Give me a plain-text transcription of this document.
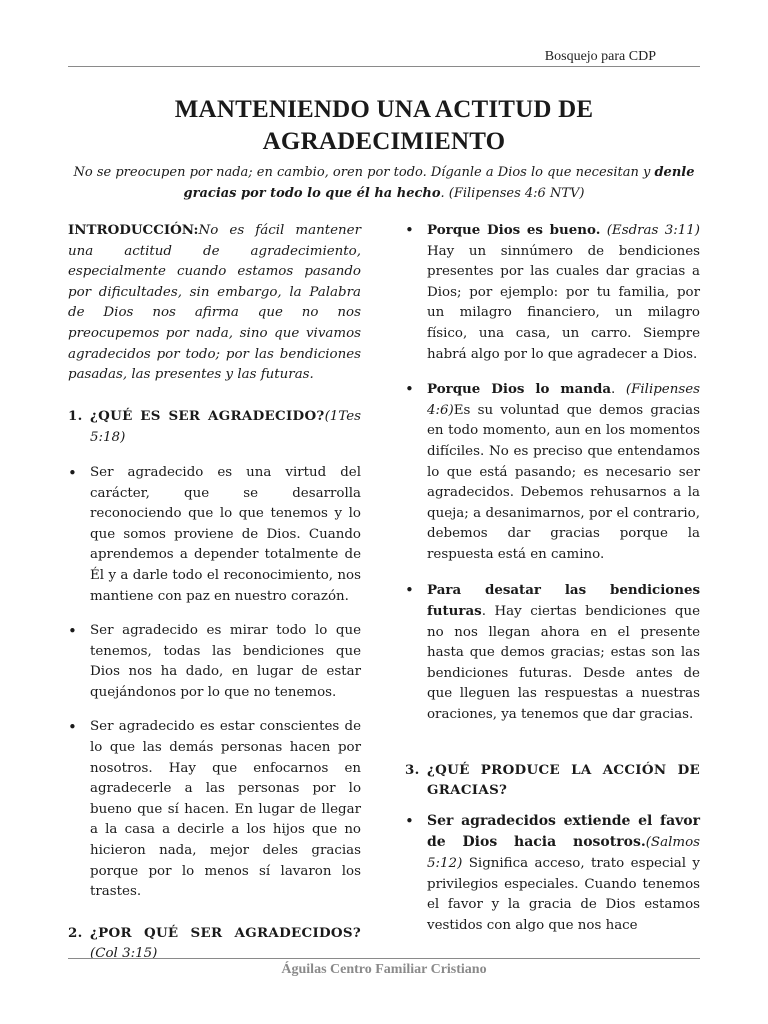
Bosquejo para CDP
MANTENIENDO UNA ACTITUD DE AGRADECIMIENTO

No se preocupen por nada; en cambio, oren por todo. Díganle a Dios lo que necesitan y denle gracias por todo lo que él ha hecho. (Filipenses 4:6 NTV)

INTRODUCCIÓN:No es fácil mantener una actitud de agradecimiento, especialmente cuando estamos pasando por dificultades, sin embargo, la Palabra de Dios nos afirma que no nos preocupemos por nada, sino que vivamos agradecidos por todo; por las bendiciones pasadas, las presentes y las futuras.

1. ¿QUÉ ES SER AGRADECIDO?(1Tes 5:18)
• Ser agradecido es una virtud del carácter, que se desarrolla reconociendo que lo que tenemos y lo que somos proviene de Dios. Cuando aprendemos a depender totalmente de Él y a darle todo el reconocimiento, nos mantiene con paz en nuestro corazón.
• Ser agradecido es mirar todo lo que tenemos, todas las bendiciones que Dios nos ha dado, en lugar de estar quejándonos por lo que no tenemos.
• Ser agradecido es estar conscientes de lo que las demás personas hacen por nosotros. Hay que enfocarnos en agradecerle a las personas por lo bueno que sí hacen. En lugar de llegar a la casa a decirle a los hijos que no hicieron nada, mejor deles gracias porque por lo menos sí lavaron los trastes.
2. ¿POR QUÉ SER AGRADECIDOS?(Col 3:15)
• Porque Dios es bueno. (Esdras 3:11) Hay un sinnúmero de bendiciones presentes por las cuales dar gracias a Dios; por ejemplo: por tu familia, por un milagro financiero, un milagro físico, una casa, un carro. Siempre habrá algo por lo que agradecer a Dios.
• Porque Dios lo manda. (Filipenses 4:6)Es su voluntad que demos gracias en todo momento, aun en los momentos difíciles. No es preciso que entendamos lo que está pasando; es necesario ser agradecidos. Debemos rehusarnos a la queja; a desanimarnos, por el contrario, debemos dar gracias porque la respuesta está en camino.
• Para desatar las bendiciones futuras. Hay ciertas bendiciones que no nos llegan ahora en el presente hasta que demos gracias; estas son las bendiciones futuras. Desde antes de que lleguen las respuestas a nuestras oraciones, ya tenemos que dar gracias.
3. ¿QUÉ PRODUCE LA ACCIÓN DE GRACIAS?
• Ser agradecidos extiende el favor de Dios hacia nosotros.(Salmos 5:12) Significa acceso, trato especial y privilegios especiales. Cuando tenemos el favor y la gracia de Dios estamos vestidos con algo que nos hace
Águilas Centro Familiar Cristiano
